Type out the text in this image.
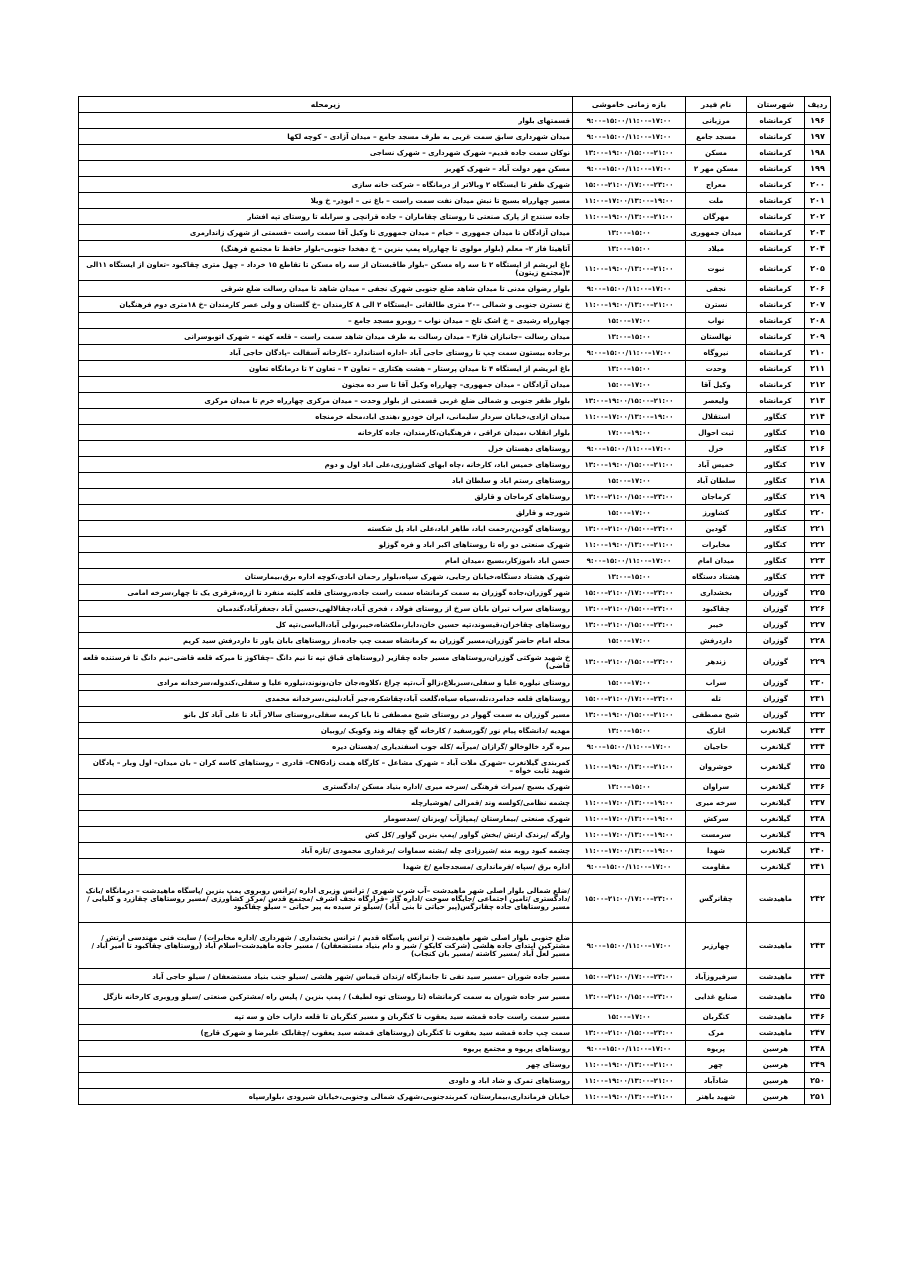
ردیف	شهرستان	نام فیدر	بازه زمانی خاموشی	زیرمحله
۱۹۶	کرمانشاه	مرزبانی	۱۷:۰۰–۱۵:۰۰/۱۱:۰۰–۹:۰۰	قسمتهای بلوار
۱۹۷	کرمانشاه	مسجد جامع	۱۷:۰۰–۱۵:۰۰/۱۱:۰۰–۹:۰۰	میدان شهرداری سابق سمت غربی به طرف مسجد جامع – میدان آزادی – کوچه لکها
۱۹۸	کرمانشاه	مسکن	۲۱:۰۰–۱۹:۰۰/۱۵:۰۰–۱۳:۰۰	نوکان سمت جاده قدیم– شهرک شهرداری – شهرک نساجی
۱۹۹	کرمانشاه	مسکن مهر ۲	۱۷:۰۰–۱۵:۰۰/۱۱:۰۰–۹:۰۰	مسکن مهر دولت آباد – شهرک کهریز
۲۰۰	کرمانشاه	معراج	۲۳:۰۰–۲۱:۰۰/۱۷:۰۰–۱۵:۰۰	شهرک ظفر تا ایستگاه ۲ وبالاتر از درمانگاه – شرکت خانه سازی
۲۰۱	کرمانشاه	ملت	۱۹:۰۰–۱۷:۰۰/۱۳:۰۰–۱۱:۰۰	مسیر چهارراه بسیج تا نبش میدان نفت سمت راست – باغ نی – ابوذر– خ ویلا
۲۰۲	کرمانشاه	مهرگان	۲۱:۰۰–۱۹:۰۰/۱۳:۰۰–۱۱:۰۰	جاده سنندج از پارک صنعتی تا روستای چقاماران – جاده قزانچی و سرابله تا روستای تپه افشار
۲۰۳	کرمانشاه	میدان جمهوری	۱۵:۰۰–۱۳:۰۰	میدان آزادگان تا میدان جمهوری – خیام – میدان جمهوری تا وکیل آقا سمت راست –قسمتی از شهرک زاندارمری
۲۰۴	کرمانشاه	میلاد	۱۵:۰۰–۱۳:۰۰	آتاهیتا فاز ۲– معلم (بلوار مولوی تا چهارراه پمپ بنزین – خ دهخدا جنوبی–بلوار حافظ تا مجتمع فرهنگ)
۲۰۵	کرمانشاه	نبوت	۲۱:۰۰–۱۹:۰۰/۱۳:۰۰–۱۱:۰۰	باغ ابریشم از ایستگاه ۲ تا سه راه مسکن –بلوار طاقبستان از سه راه مسکن تا تقاطع ۱۵ خرداد – چهل متری چقاکبود –تعاون از ایستگاه ۱۱الی ۴(مجتمع زیتون)
۲۰۶	کرمانشاه	نجفی	۱۷:۰۰–۱۵:۰۰/۱۱:۰۰–۹:۰۰	بلوار رضوان مدنی تا میدان شاهد ضلع جنوبی شهرک نجفی – میدان شاهد تا میدان رسالت ضلع شرقی
۲۰۷	کرمانشاه	نسترن	۲۱:۰۰–۱۹:۰۰/۱۳:۰۰–۱۱:۰۰	خ نسترن جنوبی و شمالی –۲۰ متری طالقانی –ایستگاه ۲ الی ۸ کارمندان –خ گلستان و ولی عصر کارمندان –خ ۱۸متری دوم فرهنگیان
۲۰۸	کرمانشاه	نواب	۱۷:۰۰–۱۵:۰۰	چهارراه رشیدی – خ اشک تلخ – میدان نواب – روبرو مسجد جامع –
۲۰۹	کرمانشاه	نهالستان	۱۵:۰۰–۱۳:۰۰	میدان رسالت –جانبازان فاز۴ – میدان رسالت به طرف میدان شاهد سمت راست – قلعه کهنه – شهرک اتوبوسرانی
۲۱۰	کرمانشاه	نیروگاه	۱۷:۰۰–۱۵:۰۰/۱۱:۰۰–۹:۰۰	برجاده بیستون سمت چپ تا روستای حاجی آباد –اداره استاندارد –کارخانه آسفالت –پادگان حاجی آباد
۲۱۱	کرمانشاه	وحدت	۱۵:۰۰–۱۳:۰۰	باغ ابریشم از ایستگاه ۴ تا میدان پرستار – هشت هکتاری – تعاون ۳ – تعاون ۲ تا درمانگاه تعاون
۲۱۲	کرمانشاه	وکیل آقا	۱۷:۰۰–۱۵:۰۰	میدان آزادگان – میدان جمهوری– چهارراه وکیل آقا تا سر ده مجنون
۲۱۳	کرمانشاه	ولیعصر	۲۱:۰۰–۱۹:۰۰/۱۵:۰۰–۱۳:۰۰	بلوار ظفر جنوبی و شمالی ضلع غربی قسمتی از بلوار وحدت – میدان مرکزی چهارراه خرم تا میدان مرکزی
۲۱۴	کنگاور	استقلال	۱۹:۰۰–۱۷:۰۰/۱۳:۰۰–۱۱:۰۰	میدان ازادی،خیابان سردار سلیمانی، ایران خودرو ،هندی اباد،محله خرمنجاه
۲۱۵	کنگاور	ثبت احوال	۱۹:۰۰–۱۷:۰۰	بلوار انقلاب ،میدان عراقی ، فرهنگیان،کارمندان، جاده کارخانه
۲۱۶	کنگاور	خزل	۱۷:۰۰–۱۵:۰۰/۱۱:۰۰–۹:۰۰	روستاهای دهستان خزل
۲۱۷	کنگاور	خمیس آباد	۲۱:۰۰–۱۹:۰۰/۱۵:۰۰–۱۳:۰۰	روستاهای خمیس اباد، کارخانه ،چاه ابهای کشاورزی،علی اباد اول و دوم
۲۱۸	کنگاور	سلطان آباد	۱۷:۰۰–۱۵:۰۰	روستاهای رستم اباد و سلطان اباد
۲۱۹	کنگاور	کرماجان	۲۳:۰۰–۲۱:۰۰/۱۵:۰۰–۱۳:۰۰	روستاهای کرماجان و قارلق
۲۲۰	کنگاور	کشاورز	۱۷:۰۰–۱۵:۰۰	شورجه و قارلق
۲۲۱	کنگاور	گودین	۲۳:۰۰–۲۱:۰۰/۱۵:۰۰–۱۳:۰۰	روستاهای گودین،رحمت اباد، طاهر اباد،علی اباد پل شکسته
۲۲۲	کنگاور	مخابرات	۲۱:۰۰–۱۹:۰۰/۱۳:۰۰–۱۱:۰۰	شهرک صنعتی دو راه تا روستاهای اکبر اباد و فره گوزلو
۲۲۳	کنگاور	میدان امام	۱۷:۰۰–۱۵:۰۰/۱۱:۰۰–۹:۰۰	حسن اباد ،اموزکار،بسیج ،میدان امام
۲۲۴	کنگاور	هشتاد دستگاه	۱۵:۰۰–۱۳:۰۰	شهرک هشتاد دستگاه،خیابان رجایی، شهرک سپاه،بلوار رحمان ابادی،کوچه اداره برق،بیمارستان
۲۲۵	گوزران	بخشداری	۲۳:۰۰–۲۱:۰۰/۱۷:۰۰–۱۵:۰۰	شهر گوزران،جاده گوزران به سمت کرمانشاه سمت راست جاده،روستای قلعه کلیته منفرد تا ازره،قرقری یک تا چهار،سرخه امامی
۲۲۶	گوزران	چقاکبود	۲۳:۰۰–۲۱:۰۰/۱۵:۰۰–۱۳:۰۰	روستاهای سراب تیران بابان سرخ از روستای فولاد ، فخری آباد،چقالالهی،حسین آباد ،جعفرآباد،گندمبان
۲۲۷	گوزران	خیبر	۲۳:۰۰–۲۱:۰۰/۱۵:۰۰–۱۳:۰۰	روستاهای چقاخزان،قیسوند،تپه حسین خان،دابار،ملکشاه،خیبر،ولی آباد،الیاسی،تپه کل
۲۲۸	گوزران	داردرفش	۱۷:۰۰–۱۵:۰۰	محله امام حاضر گوزران،مسیر گوزران به کرمانشاه سمت چپ جاده،از روستاهای بابان یاور تا داردرفش سید کریم
۲۲۹	گوزران	زندهر	۲۳:۰۰–۲۱:۰۰/۱۵:۰۰–۱۳:۰۰	خ شهید شوکتی گوزران،روستاهای مسیر جاده چقازیر (روستاهای قباق تپه تا نیم دانگ –چقاکوز تا میرکه قلعه قاضی–نیم دانگ تا فرستنده قلعه قاضی)
۲۳۰	گوزران	سراب	۱۷:۰۰–۱۵:۰۰	روستای نیلوره علیا و سفلی،سبزبلاغ،زالو آب،تپه چراغ ،کلاوه،جان جان،ونوند،نیلوره علیا و سفلی،کندوله،سرخدانه مرادی
۲۳۱	گوزران	تله	۲۳:۰۰–۲۱:۰۰/۱۷:۰۰–۱۵:۰۰	روستاهای قلعه خدامرد،تله،سیاه سیاه،گلعت آباد،چقاشکره،جبر آباد،لینی،سرخدانه محمدی
۲۳۲	گوزران	شیخ مصطفی	۲۱:۰۰–۱۹:۰۰/۱۵:۰۰–۱۳:۰۰	مسیر گوزران به سمت گهوار در روستای شیخ مصطفی تا بابا کریمه سفلی،روستای سالار آباد تا علی آباد کل بانو
۲۳۳	گیلانغرب	اتارک	۱۵:۰۰–۱۳:۰۰	مهدیه /دانشگاه پیام نور /گورسفید / کارخانه گچ چقاله وند وکویک /روبیان
۲۳۴	گیلانغرب	حاجیان	۱۷:۰۰–۱۵:۰۰/۱۱:۰۰–۹:۰۰	بیره گرد خالوخالو /گرازان /میرآبه /کله جوب اسفندیاری /دهستان دیره
۲۳۵	گیلانغرب	خوشروان	۲۱:۰۰–۱۹:۰۰/۱۳:۰۰–۱۱:۰۰	کمربندی گیلانغرب –شهرک ملات آباد – شهرک مشاعل – کارگاه همت زادCNG– قادری – روستاهای کاسه کران – بان میدان– اول وبار – پادگان شهید ثابت خواه –
۲۳۶	گیلانغرب	سراوان	۱۵:۰۰–۱۳:۰۰	شهرک بسیج /میراث فرهنگی /سرخه میری /اداره بنیاد مسکن /دادگستری
۲۳۷	گیلانغرب	سرخه میری	۱۹:۰۰–۱۷:۰۰/۱۳:۰۰–۱۱:۰۰	چشمه نظامی/کولسه وند /قمرالی /هوشیارچله
۲۳۸	گیلانغرب	سرکش	۱۹:۰۰–۱۷:۰۰/۱۳:۰۰–۱۱:۰۰	شهرک صنعتی /بیمارستان /پمپاژآب /ویزنان /سدسومار
۲۳۹	گیلانغرب	سرمست	۱۹:۰۰–۱۷:۰۰/۱۳:۰۰–۱۱:۰۰	وارگه /پرندک ارتش /بخش گواور /پمپ بنزین گواور /کل کش
۲۴۰	گیلانغرب	شهدا	۱۹:۰۰–۱۷:۰۰/۱۳:۰۰–۱۱:۰۰	چشمه کبود روبه منه /شیرزادی چله /بشته سماوات /برغداری محمودی /تازه آباد
۲۴۱	گیلانغرب	مقاومت	۱۷:۰۰–۱۵:۰۰/۱۱:۰۰–۹:۰۰	اداره برق /سپاه /فرمانداری /مسجدجامع /خ شهدا
۲۴۲	ماهیدشت	چقانرگس	۲۳:۰۰–۲۱:۰۰/۱۷:۰۰–۱۵:۰۰	/ضلع شمالی بلوار اصلی شهر ماهیدشت –آب شرب شهری / ترانس وزیری اداره /ترانس روبروی پمپ بنزین /پاسگاه ماهیدشت – درمانگاه /بانک /دادگستری /تامین اجتماعی /جایگاه سوخت /اداره گاز –قرارگاه نجف اشرف /مجتمع قدس /مرکز کشاورزی /مسیر روستاهای چقازرد و کلیایی / مسیر روستاهای جاده چقانرگس(پیر حیاتی تا بنی آباد) /سیلو تر سیده به پیر حیاتی – سیلو چقاکبود
۲۴۳	ماهیدشت	چهارزبر	۱۷:۰۰–۱۵:۰۰/۱۱:۰۰–۹:۰۰	ضلع جنوبی بلوار اصلی شهر ماهیدشت ( ترانس پاسگاه قدیم / ترانس بخشداری / شهرداری /اداره مخابرات) / سایت فنی مهندسی ارتش / مشترکین ابتدای جاده هلشی (شرکت کایکو / شیر و دام بنیاد مستضعفان) / مسیر جاده ماهیدشت–اسلام آباد (روستاهای چقاکبود تا امیر آباد / مسیر لعل آباد /مسیر کاشته /مسیر بان کنجاب)
۲۴۴	ماهیدشت	سرفیروزآباد	۲۳:۰۰–۲۱:۰۰/۱۷:۰۰–۱۵:۰۰	مسیر جاده شوران –مسیر سید نفی تا جانمازگاه /زندان قیماس /شهر هلشی /سیلو جنب بنیاد مستضعفان / سیلو حاجی آباد
۲۴۵	ماهیدشت	صنایع غذایی	۲۳:۰۰–۲۱:۰۰/۱۵:۰۰–۱۳:۰۰	مسیر سر جاده شوران به سمت کرمانشاه (تا روستای توه لطیف) / پمپ بنزین / پلیس راه /مشترکین صنعتی /سیلو وروبری کارخانه نازگل
۲۴۶	ماهیدشت	کنگربان	۱۷:۰۰–۱۵:۰۰	مسیر سمت راست جاده قمشه سید یعقوب تا کنگربان و مسیر کنگربان تا قلعه داراب خان و سه تپه
۲۴۷	ماهیدشت	مرک	۲۳:۰۰–۲۱:۰۰/۱۵:۰۰–۱۳:۰۰	سمت چپ جاده قمشه سید یعقوب تا کنگربان (روستاهای قمشه سید یعقوب /چقابلک علیرضا و شهرک قارچ)
۲۴۸	هرسین	پریوه	۱۷:۰۰–۱۵:۰۰/۱۱:۰۰–۹:۰۰	روستاهای پریوه و مجتمع پریوه
۲۴۹	هرسین	چهر	۲۱:۰۰–۱۹:۰۰/۱۳:۰۰–۱۱:۰۰	روستای چهر
۲۵۰	هرسین	شادآباد	۲۱:۰۰–۱۹:۰۰/۱۳:۰۰–۱۱:۰۰	روستاهای تمرک و شاد اباد و داودی
۲۵۱	هرسین	شهید باهنر	۲۱:۰۰–۱۹:۰۰/۱۳:۰۰–۱۱:۰۰	خیابان فرمانداری،بیمارستان، کمربندجنوبی،شهرک شمالی وجنوبی،خیابان شیرودی ،بلوارسپاه
